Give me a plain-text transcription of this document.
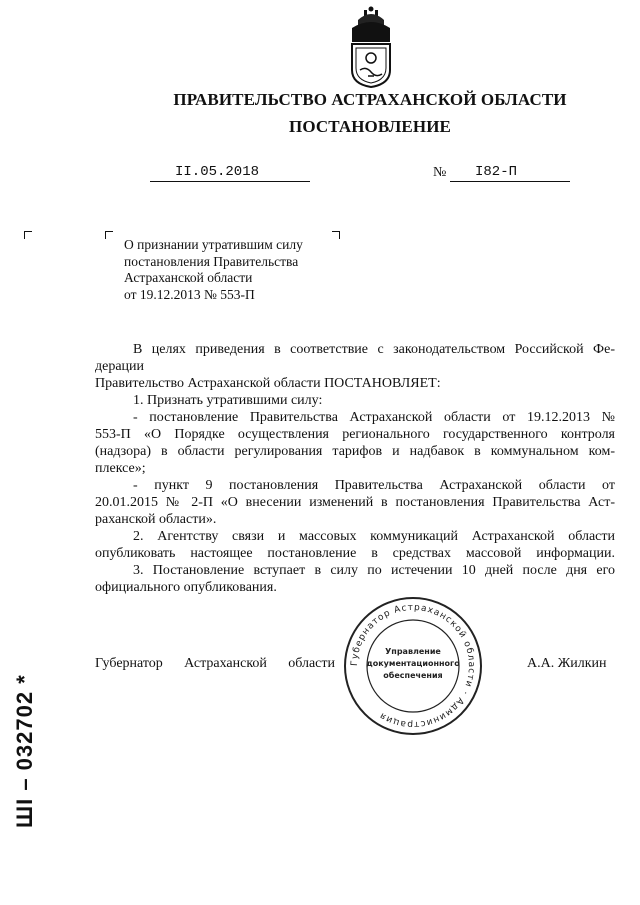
ПРАВИТЕЛЬСТВО АСТРАХАНСКОЙ ОБЛАСТИ
ПОСТАНОВЛЕНИЕ
II.05.2018	№ I82-П
О признании утратившим силу
постановления Правительства
Астраханской области
от 19.12.2013 № 553-П
В целях приведения в соответствие с законодательством Российской Фе-
дерации
Правительство Астраханской области ПОСТАНОВЛЯЕТ:
1. Признать утратившими силу:
- постановление Правительства Астраханской области от 19.12.2013 №
553-П «О Порядке осуществления регионального государственного контроля
(надзора) в области регулирования тарифов и надбавок в коммунальном ком-
плексе»;
- пункт 9 постановления Правительства Астраханской области от
20.01.2015 № 2-П «О внесении изменений в постановления Правительства Аст-
раханской области».
2. Агентству связи и массовых коммуникаций Астраханской области
опубликовать настоящее постановление в средствах массовой информации.
3. Постановление вступает в силу по истечении 10 дней после дня его
официального опубликования.
Губернатор Астраханской области	А.А. Жилкин
Губернатор Астраханской области · Администрация
Управление
документационного
обеспечения
ШI – 032702 *
